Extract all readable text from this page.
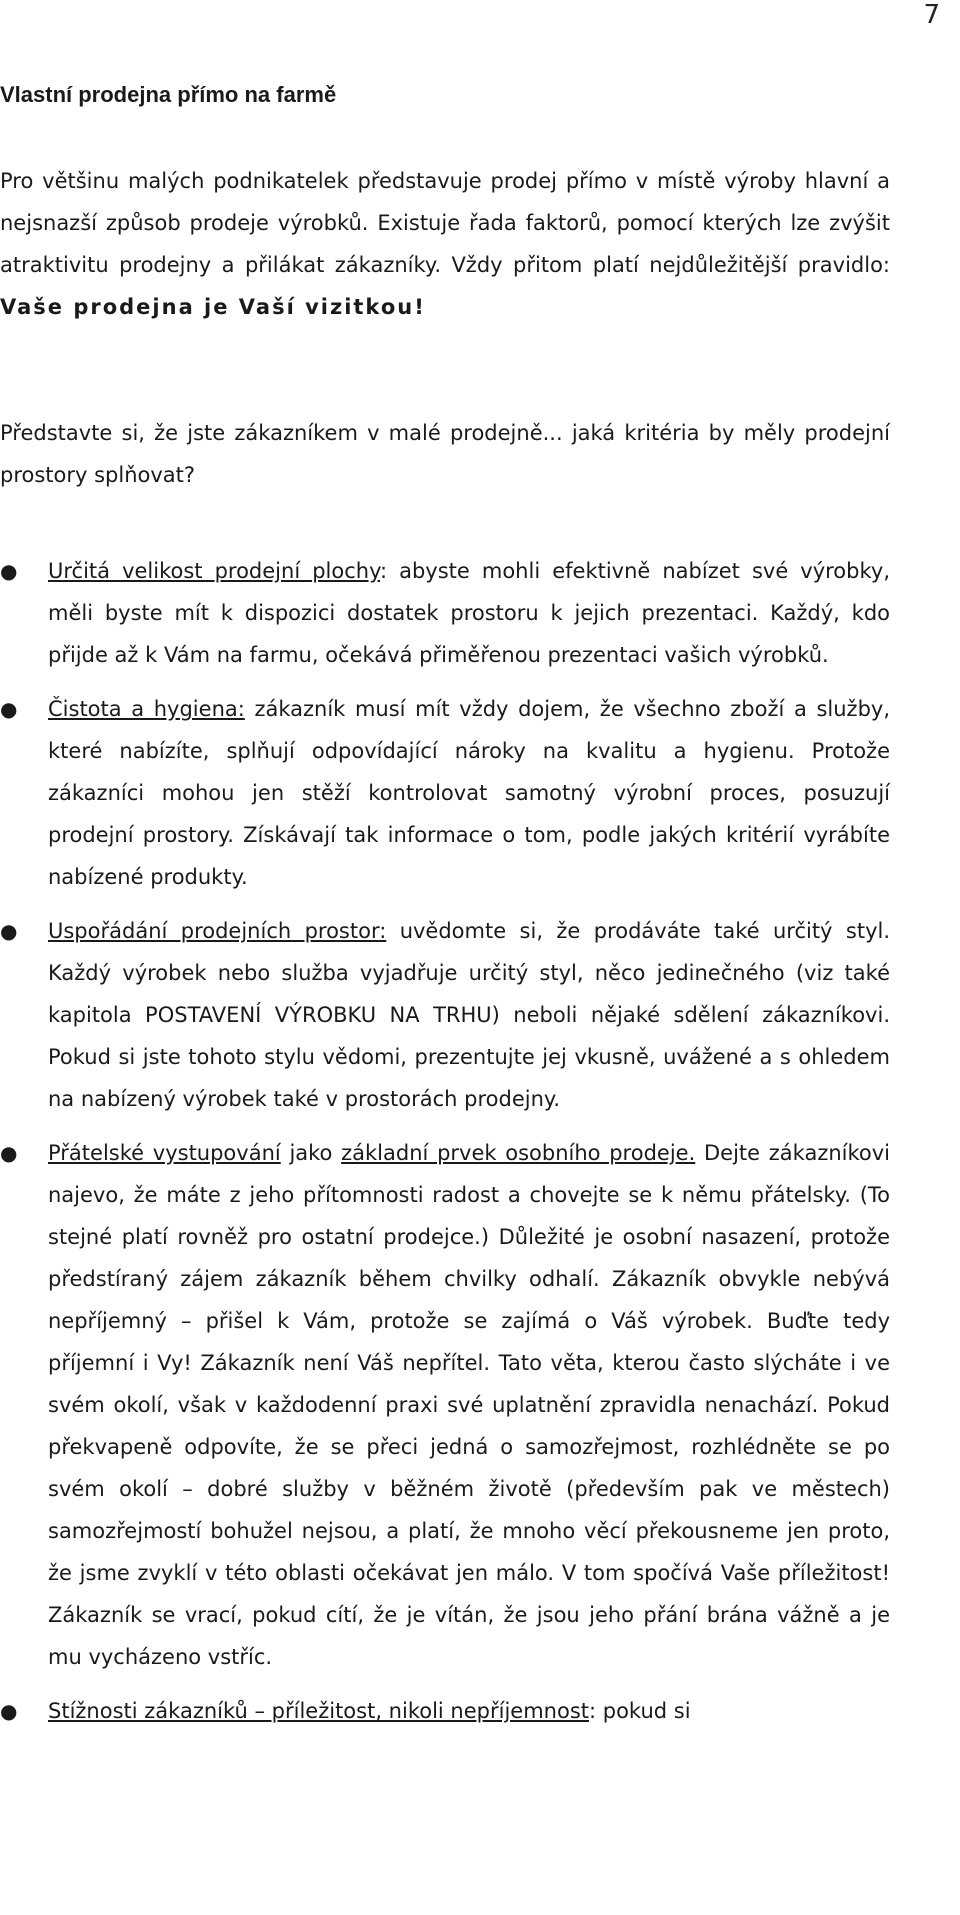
7
Vlastní prodejna přímo na farmě

Pro většinu malých podnikatelek představuje prodej přímo v místě výroby hlavní a nejsnazší způsob prodeje výrobků. Existuje řada faktorů, pomocí kterých lze zvýšit atraktivitu prodejny a přilákat zákazníky. Vždy přitom platí nejdůležitější pravidlo: Vaše prodejna je Vaší vizitkou!

Představte si, že jste zákazníkem v malé prodejně... jaká kritéria by měly prodejní prostory splňovat?

● Určitá velikost prodejní plochy: abyste mohli efektivně nabízet své výrobky, měli byste mít k dispozici dostatek prostoru k jejich prezentaci. Každý, kdo přijde až k Vám na farmu, očekává přiměřenou prezentaci vašich výrobků.
● Čistota a hygiena: zákazník musí mít vždy dojem, že všechno zboží a služby, které nabízíte, splňují odpovídající nároky na kvalitu a hygienu. Protože zákazníci mohou jen stěží kontrolovat samotný výrobní proces, posuzují prodejní prostory. Získávají tak informace o tom, podle jakých kritérií vyrábíte nabízené produkty.
● Uspořádání prodejních prostor: uvědomte si, že prodáváte také určitý styl. Každý výrobek nebo služba vyjadřuje určitý styl, něco jedinečného (viz také kapitola POSTAVENÍ VÝROBKU NA TRHU) neboli nějaké sdělení zákazníkovi. Pokud si jste tohoto stylu vědomi, prezentujte jej vkusně, uvážené a s ohledem na nabízený výrobek také v prostorách prodejny.
● Přátelské vystupování jako základní prvek osobního prodeje. Dejte zákazníkovi najevo, že máte z jeho přítomnosti radost a chovejte se k němu přátelsky. (To stejné platí rovněž pro ostatní prodejce.) Důležité je osobní nasazení, protože předstíraný zájem zákazník během chvilky odhalí. Zákazník obvykle nebývá nepříjemný – přišel k Vám, protože se zajímá o Váš výrobek. Buďte tedy příjemní i Vy! Zákazník není Váš nepřítel. Tato věta, kterou často slýcháte i ve svém okolí, však v každodenní praxi své uplatnění zpravidla nenachází. Pokud překvapeně odpovíte, že se přeci jedná o samozřejmost, rozhlédněte se po svém okolí – dobré služby v běžném životě (především pak ve městech) samozřejmostí bohužel nejsou, a platí, že mnoho věcí překousneme jen proto, že jsme zvyklí v této oblasti očekávat jen málo. V tom spočívá Vaše příležitost! Zákazník se vrací, pokud cítí, že je vítán, že jsou jeho přání brána vážně a je mu vycházeno vstříc.
● Stížnosti zákazníků – příležitost, nikoli nepříjemnost: pokud si
